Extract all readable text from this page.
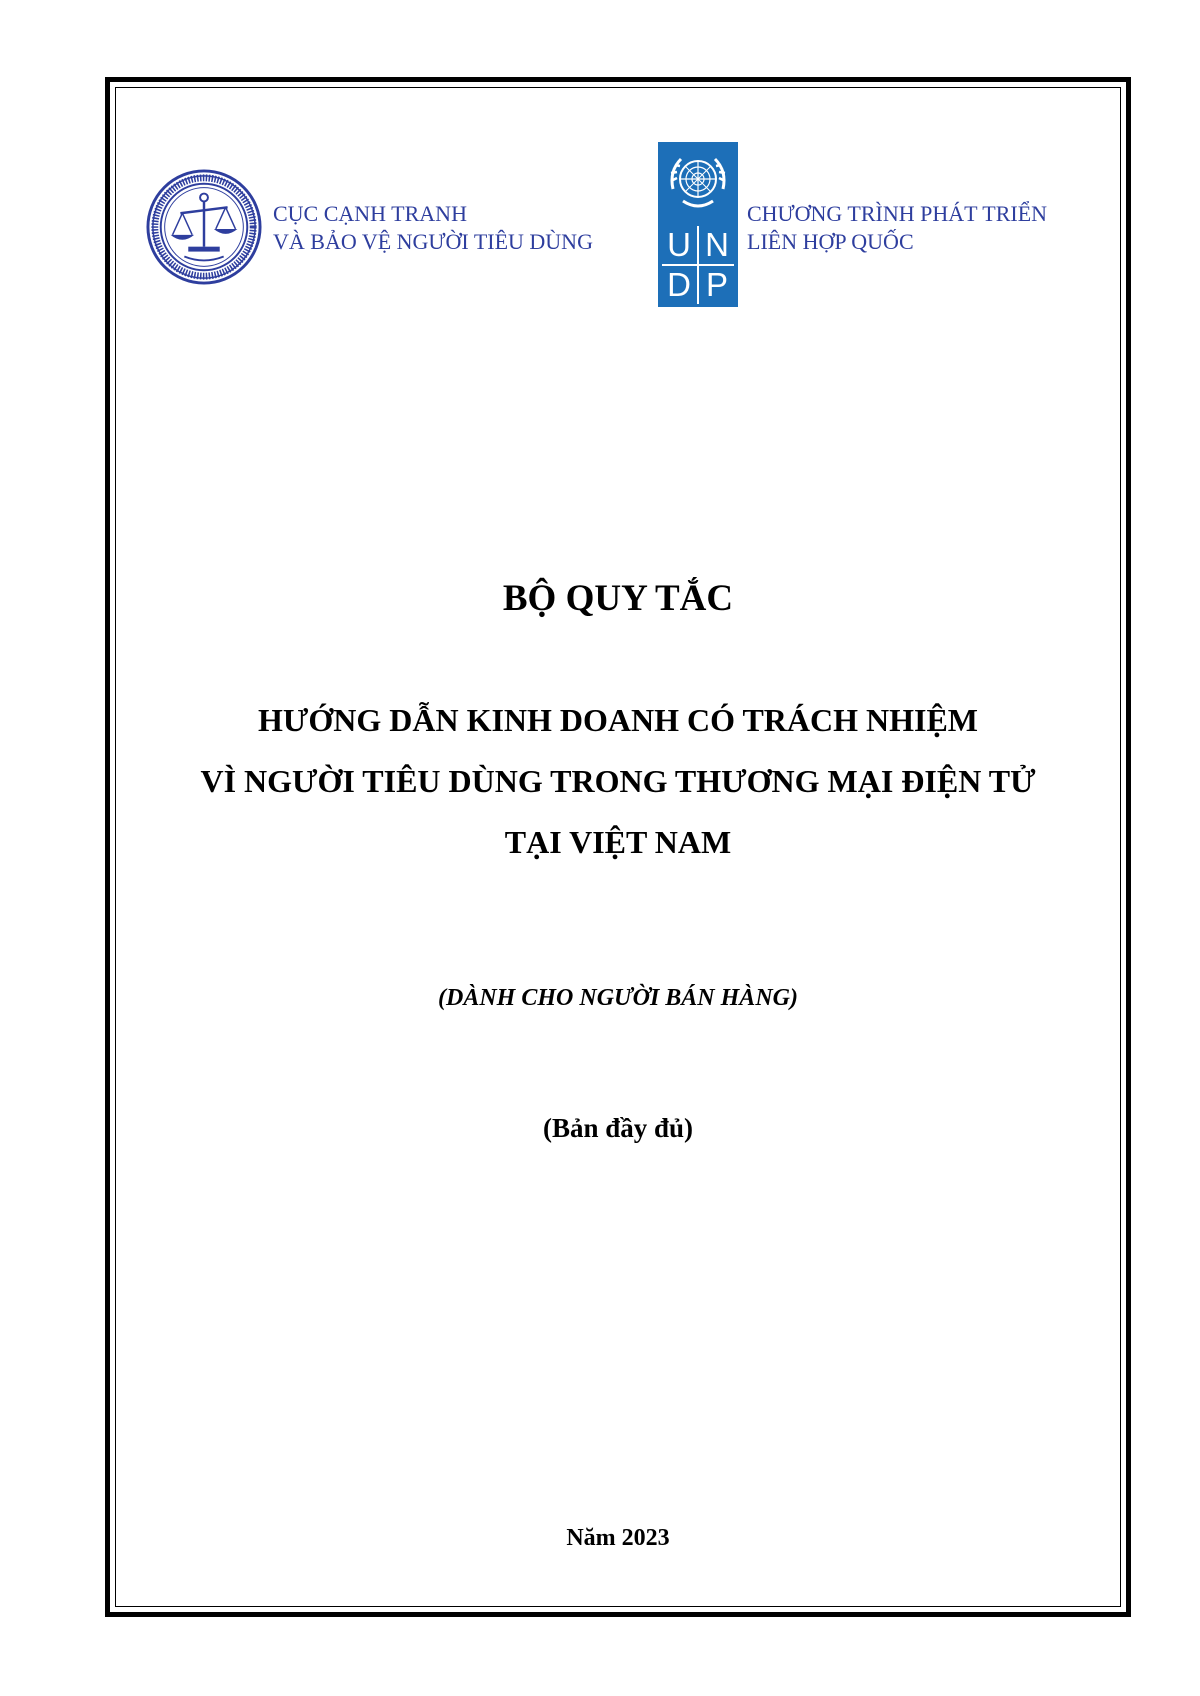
CỤC CẠNH TRANH
VÀ BẢO VỆ NGƯỜI TIÊU DÙNG U N
D P
CHƯƠNG TRÌNH PHÁT TRIỂN
LIÊN HỢP QUỐC
BỘ QUY TẮC
HƯỚNG DẪN KINH DOANH CÓ TRÁCH NHIỆM
VÌ NGƯỜI TIÊU DÙNG TRONG THƯƠNG MẠI ĐIỆN TỬ
TẠI VIỆT NAM
(DÀNH CHO NGƯỜI BÁN HÀNG)
(Bản đầy đủ)
Năm 2023
